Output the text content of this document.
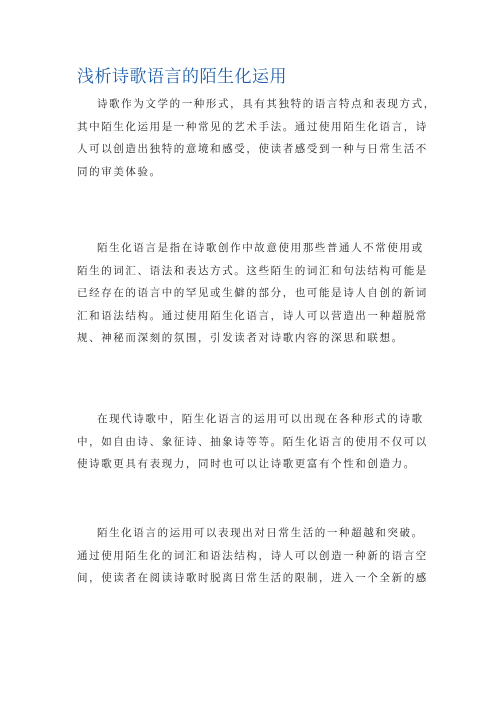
浅析诗歌语言的陌生化运用
诗歌作为文学的一种形式，具有其独特的语言特点和表现方式，
其中陌生化运用是一种常见的艺术手法。通过使用陌生化语言，诗
人可以创造出独特的意境和感受，使读者感受到一种与日常生活不
同的审美体验。
陌生化语言是指在诗歌创作中故意使用那些普通人不常使用或
陌生的词汇、语法和表达方式。这些陌生的词汇和句法结构可能是
已经存在的语言中的罕见或生僻的部分，也可能是诗人自创的新词
汇和语法结构。通过使用陌生化语言，诗人可以营造出一种超脱常
规、神秘而深刻的氛围，引发读者对诗歌内容的深思和联想。
在现代诗歌中，陌生化语言的运用可以出现在各种形式的诗歌
中，如自由诗、象征诗、抽象诗等等。陌生化语言的使用不仅可以
使诗歌更具有表现力，同时也可以让诗歌更富有个性和创造力。
陌生化语言的运用可以表现出对日常生活的一种超越和突破。
通过使用陌生化的词汇和语法结构，诗人可以创造一种新的语言空
间，使读者在阅读诗歌时脱离日常生活的限制，进入一个全新的感
